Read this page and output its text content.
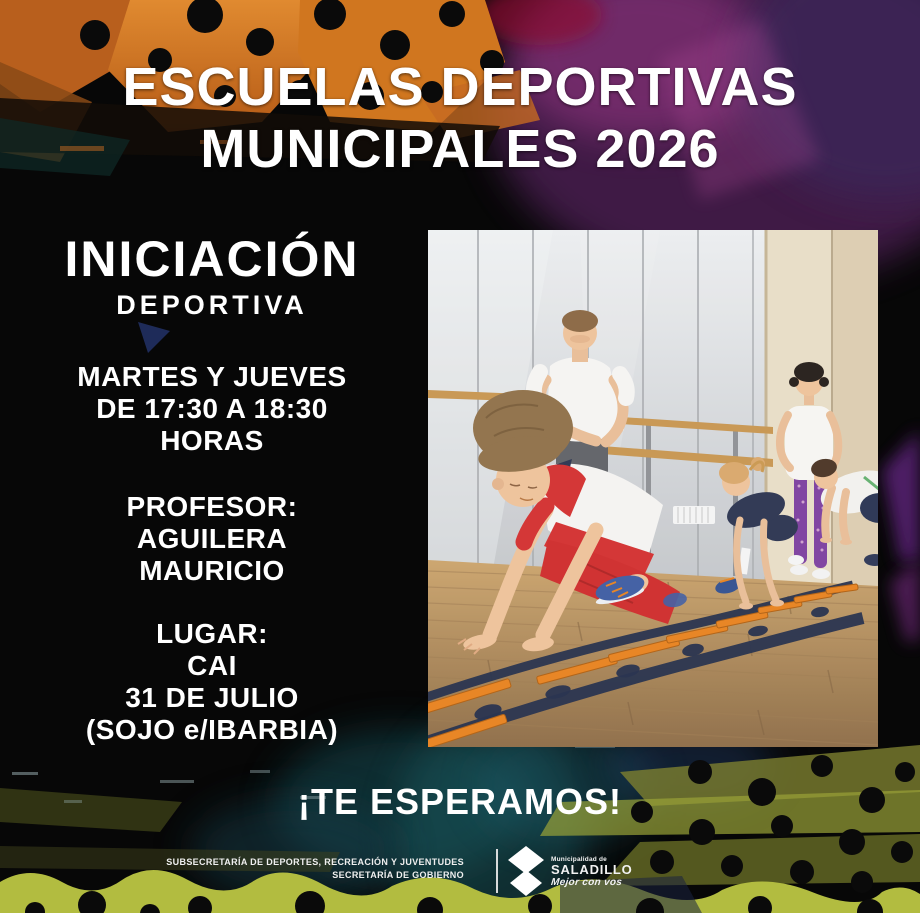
ESCUELAS DEPORTIVAS
MUNICIPALES 2026
INICIACIÓN
DEPORTIVA
MARTES Y JUEVES
DE 17:30 A 18:30
HORAS
PROFESOR:
AGUILERA
MAURICIO
LUGAR:
CAI
31 DE JULIO
(SOJO e/IBARBIA)
¡TE ESPERAMOS!
SUBSECRETARÍA DE DEPORTES, RECREACIÓN Y JUVENTUDES
SECRETARÍA DE GOBIERNO
Municipalidad de
SALADILLO
Mejor con vos
